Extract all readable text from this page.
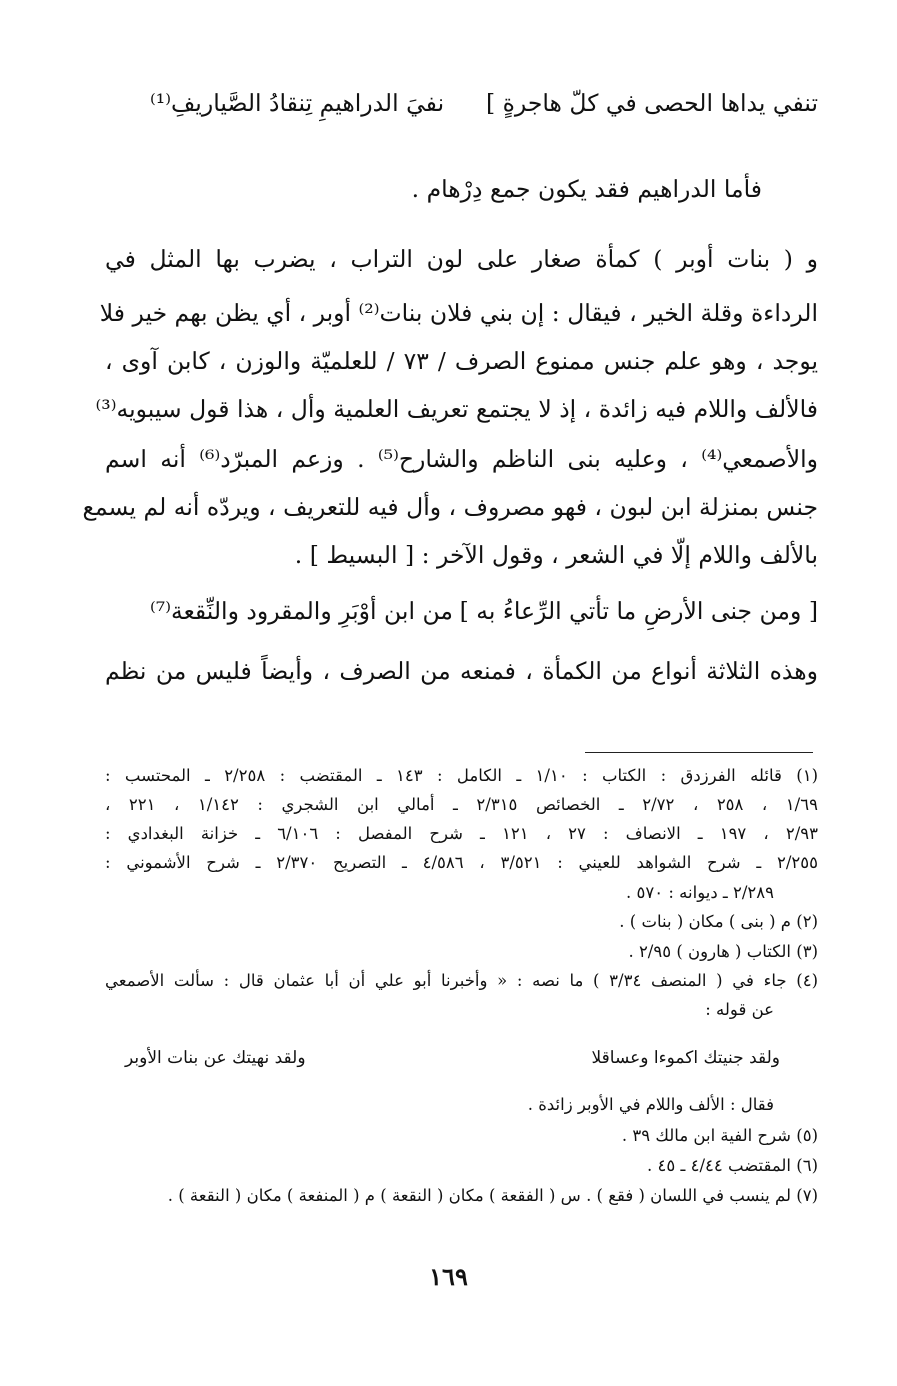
تنفي يداها الحصى في كلّ هاجرةٍ ]
نفيَ الدراهيمِ تِنقادُ الصَّياريفِ⁽¹⁾
فأما الدراهيم فقد يكون جمع دِرْهام .
و ( بنات أوبر ) كمأة صغار على لون التراب ، يضرب بها المثل في
الرداءة وقلة الخير ، فيقال : إن بني فلان بنات⁽²⁾ أوبر ، أي يظن بهم خير فلا
يوجد ، وهو علم جنس ممنوع الصرف / ٧٣ / للعلميّة والوزن ، كابن آوى ،
فالألف واللام فيه زائدة ، إذ لا يجتمع تعريف العلمية وأل ، هذا قول سيبويه⁽³⁾
والأصمعي⁽⁴⁾ ، وعليه بنى الناظم والشارح⁽⁵⁾ . وزعم المبرّد⁽⁶⁾ أنه اسم
جنس بمنزلة ابن لبون ، فهو مصروف ، وأل فيه للتعريف ، ويردّه أنه لم يسمع
بالألف واللام إلّا في الشعر ، وقول الآخر : [ البسيط ] .
[ ومن جنى الأرضِ ما تأتي الرِّعاءُ به ]
من ابن أوْبَرِ والمقرود والنِّقعة⁽⁷⁾
وهذه الثلاثة أنواع من الكمأة ، فمنعه من الصرف ، وأيضاً فليس من نظم
(١) قائله الفرزدق : الكتاب : ١/١٠ ـ الكامل : ١٤٣ ـ المقتضب : ٢/٢٥٨ ـ المحتسب :
١/٦٩ ، ٢٥٨ ، ٢/٧٢ ـ الخصائص ٢/٣١٥ ـ أمالي ابن الشجري : ١/١٤٢ ، ٢٢١ ،
٢/٩٣ ، ١٩٧ ـ الانصاف : ٢٧ ، ١٢١ ـ شرح المفصل : ٦/١٠٦ ـ خزانة البغدادي :
٢/٢٥٥ ـ شرح الشواهد للعيني : ٣/٥٢١ ، ٤/٥٨٦ ـ التصريح ٢/٣٧٠ ـ شرح الأشموني :
٢/٢٨٩ ـ ديوانه : ٥٧٠ .
(٢) م ( بنى ) مكان ( بنات ) .
(٣) الكتاب ( هارون ) ٢/٩٥ .
(٤) جاء في ( المنصف ٣/٣٤ ) ما نصه : « وأخبرنا أبو علي أن أبا عثمان قال : سألت الأصمعي
عن قوله :
ولقد جنيتك اكموءا وعساقلا
ولقد نهيتك عن بنات الأوبر
فقال : الألف واللام في الأوبر زائدة .
(٥) شرح الفية ابن مالك ٣٩ .
(٦) المقتضب ٤/٤٤ ـ ٤٥ .
(٧) لم ينسب في اللسان ( فقع ) . س ( الفقعة ) مكان ( النقعة ) م ( المنفعة ) مكان ( النقعة ) .
١٦٩
